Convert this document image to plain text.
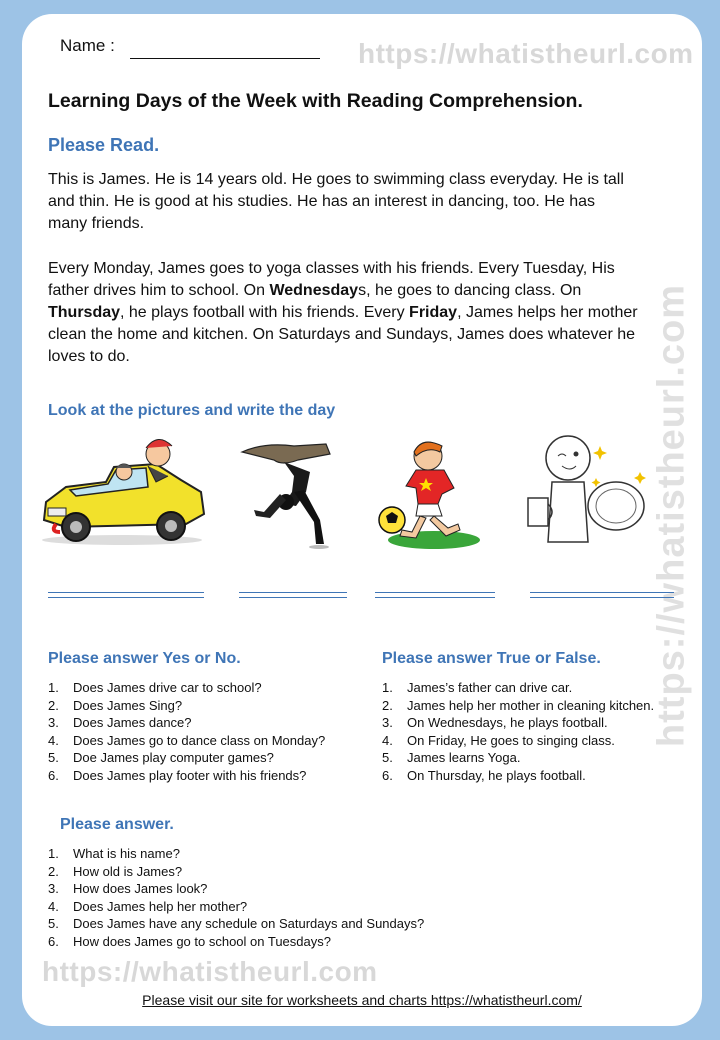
https://whatistheurl.com
https://whatistheurl.com
https://whatistheurl.com
Name :
Learning Days of the Week with Reading Comprehension.
Please Read.

This is James. He is 14 years old. He goes to swimming class everyday. He is tall and thin. He is good at his studies. He has an interest in dancing, too. He has many friends.

Every Monday, James goes to yoga classes with his friends. Every Tuesday, His father drives him to school. On Wednesdays, he goes to dancing class. On Thursday, he plays football with his friends. Every Friday, James helps her mother clean the home and kitchen. On Saturdays and Sundays, James does whatever he loves to do.

Look at the pictures and write the day
Please answer Yes or No.
1. Does James drive car to school?
2. Does James Sing?
3. Does James dance?
4. Does James go to dance class on Monday?
5. Doe James play computer games?
6. Does James play footer with his friends?
Please answer True or False.
1. James’s father can drive car.
2. James help her mother in cleaning kitchen.
3. On Wednesdays, he plays football.
4. On Friday, He goes to singing class.
5. James learns Yoga.
6. On Thursday, he plays football.
Please answer.
1. What is his name?
2. How old is James?
3. How does James look?
4. Does James help her mother?
5. Does James have any schedule on Saturdays and Sundays?
6. How does James go to school on Tuesdays?
Please visit our site for worksheets and charts https://whatistheurl.com/
